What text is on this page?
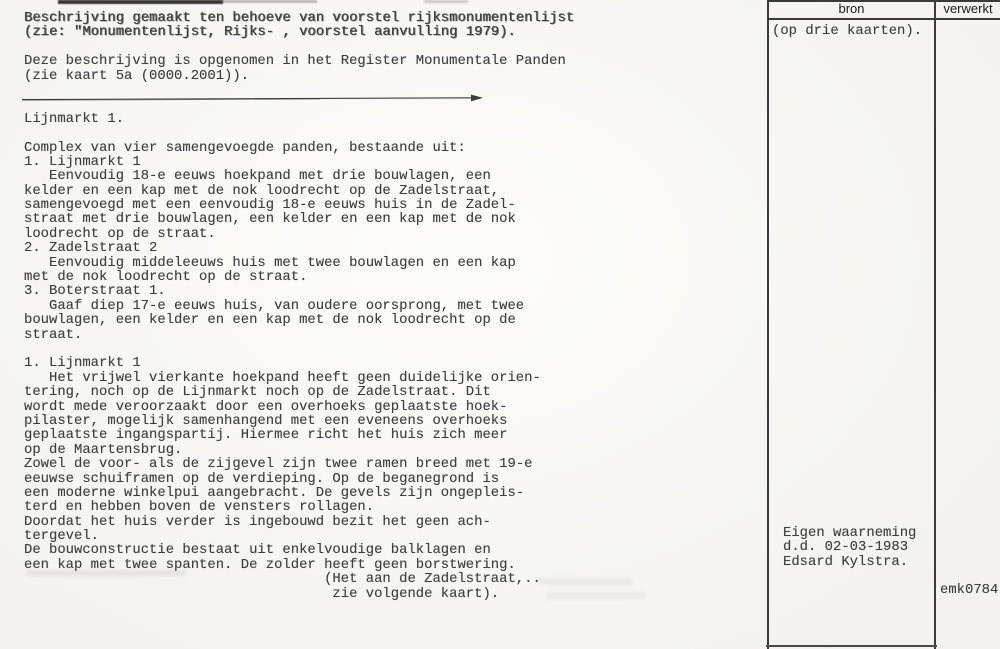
Beschrijving gemaakt ten behoeve van voorstel rijksmonumentenlijst
(zie: "Monumentenlijst, Rijks- , voorstel aanvulling 1979).
Deze beschrijving is opgenomen in het Register Monumentale Panden
(zie kaart 5a (0000.2001)).
Lijnmarkt 1.
Complex van vier samengevoegde panden, bestaande uit:
1. Lijnmarkt 1
Eenvoudig 18-e eeuws hoekpand met drie bouwlagen, een
kelder en een kap met de nok loodrecht op de Zadelstraat,
samengevoegd met een eenvoudig 18-e eeuws huis in de Zadel-
straat met drie bouwlagen, een kelder en een kap met de nok
loodrecht op de straat.
2. Zadelstraat 2
Eenvoudig middeleeuws huis met twee bouwlagen en een kap
met de nok loodrecht op de straat.
3. Boterstraat 1.
Gaaf diep 17-e eeuws huis, van oudere oorsprong, met twee
bouwlagen, een kelder en een kap met de nok loodrecht op de
straat.
1. Lijnmarkt 1
Het vrijwel vierkante hoekpand heeft geen duidelijke orien-
tering, noch op de Lijnmarkt noch op de Zadelstraat. Dit
wordt mede veroorzaakt door een overhoeks geplaatste hoek-
pilaster, mogelijk samenhangend met een eveneens overhoeks
geplaatste ingangspartij. Hiermee richt het huis zich meer
op de Maartensbrug.
Zowel de voor- als de zijgevel zijn twee ramen breed met 19-e
eeuwse schuiframen op de verdieping. Op de beganegrond is
een moderne winkelpui aangebracht. De gevels zijn ongepleis-
terd en hebben boven de vensters rollagen.
Doordat het huis verder is ingebouwd bezit het geen ach-
tergevel.
De bouwconstructie bestaat uit enkelvoudige balklagen en
een kap met twee spanten. De zolder heeft geen borstwering.
(Het aan de Zadelstraat,..
zie volgende kaart).
bron	verwerkt
(op drie kaarten).
Eigen waarneming
d.d. 02-03-1983
Edsard Kylstra.
emk0784
